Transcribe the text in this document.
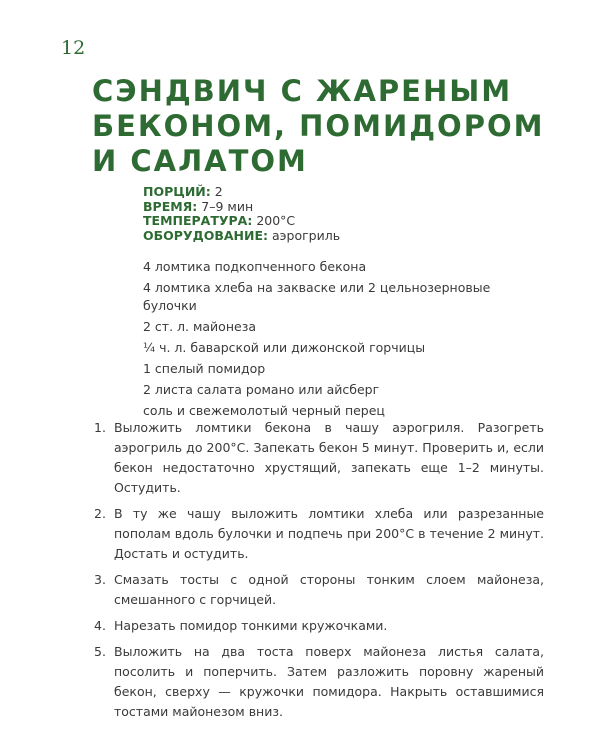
12
СЭНДВИЧ С ЖАРЕНЫМ
БЕКОНОМ, ПОМИДОРОМ
И САЛАТОМ
ПОРЦИЙ: 2
ВРЕМЯ: 7–9 мин
ТЕМПЕРАТУРА: 200°С
ОБОРУДОВАНИЕ: аэрогриль
4 ломтика подкопченного бекона
4 ломтика хлеба на закваске или 2 цельнозерновые булочки
2 ст. л. майонеза
¼ ч. л. баварской или дижонской горчицы
1 спелый помидор
2 листа салата романо или айсберг
соль и свежемолотый черный перец
1. Выложить ломтики бекона в чашу аэрогриля. Разогреть аэрогриль до 200°С. Запекать бекон 5 минут. Проверить и, если бекон недостаточно хрустящий, запекать еще 1–2 минуты. Остудить.
2. В ту же чашу выложить ломтики хлеба или разрезанные пополам вдоль булочки и подпечь при 200°С в течение 2 минут. Достать и остудить.
3. Смазать тосты с одной стороны тонким слоем майонеза, смешанного с горчицей.
4. Нарезать помидор тонкими кружочками.
5. Выложить на два тоста поверх майонеза листья салата, посолить и поперчить. Затем разложить поровну жареный бекон, сверху — кружочки помидора. Накрыть оставшимися тостами майонезом вниз.
